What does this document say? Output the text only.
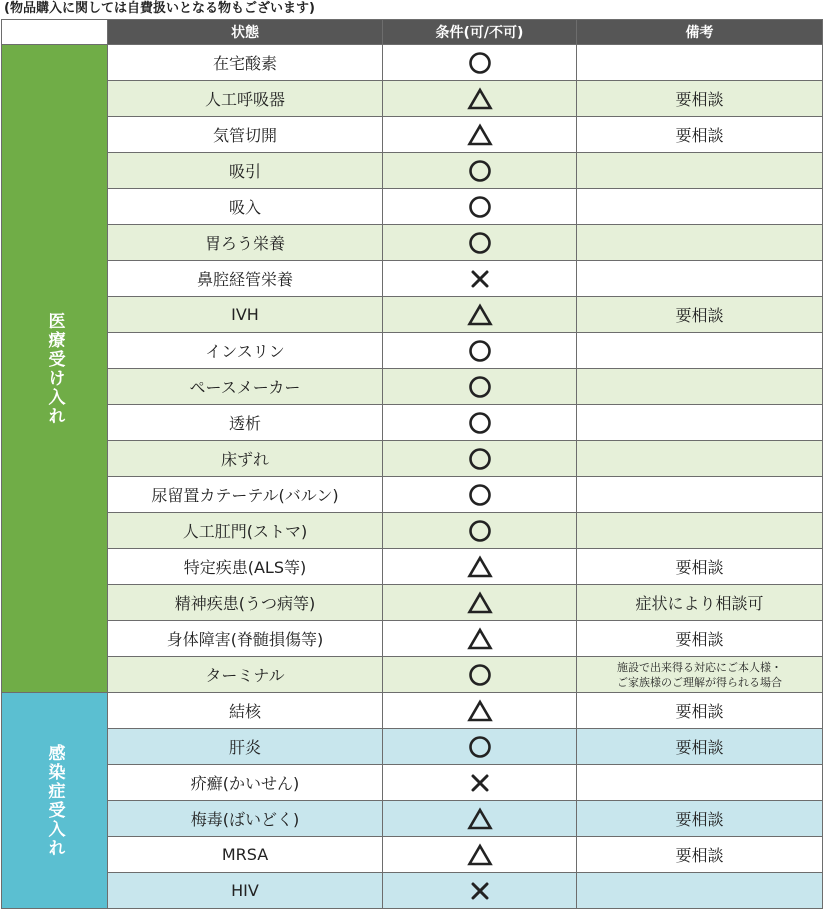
(物品購入に関しては自費扱いとなる物もございます)
	状態	条件(可/不可)	備考
医療受け入れ	在宅酸素		
	人工呼吸器		要相談
	気管切開		要相談
	吸引		
	吸入		
	胃ろう栄養		
	鼻腔経管栄養		
	IVH		要相談
	インスリン		
	ペースメーカー		
	透析		
	床ずれ		
	尿留置カテーテル(バルン)		
	人工肛門(ストマ)		
	特定疾患(ALS等)		要相談
	精神疾患(うつ病等)		症状により相談可
	身体障害(脊髄損傷等)		要相談
	ターミナル		施設で出来得る対応にご本人様・
ご家族様のご理解が得られる場合
感染症受入れ	結核		要相談
	肝炎		要相談
	疥癬(かいせん)		
	梅毒(ばいどく)		要相談
	MRSA		要相談
	HIV		
